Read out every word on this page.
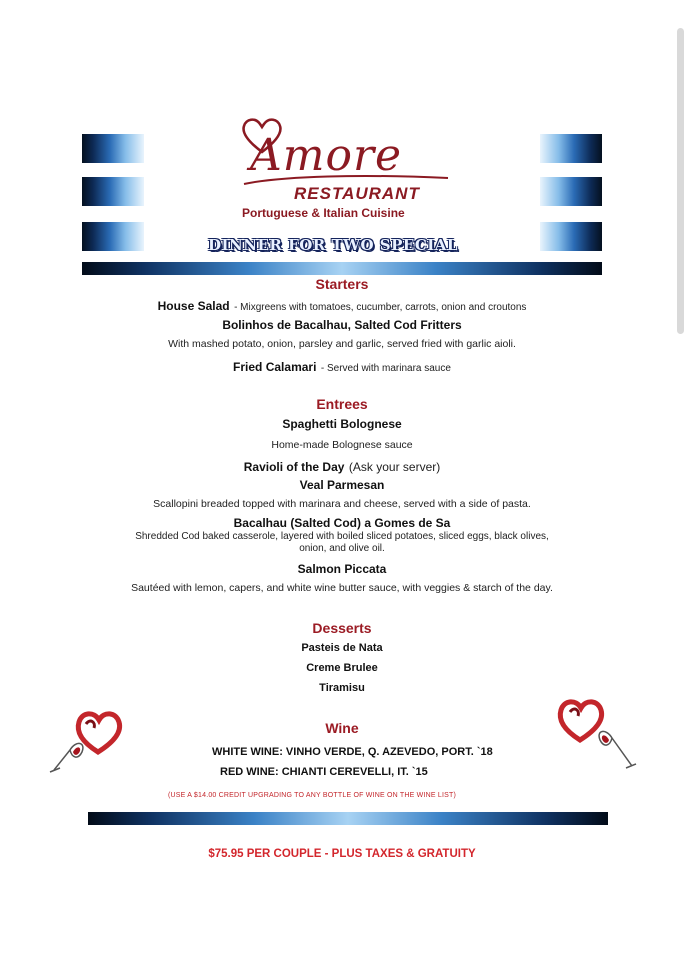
Amore
RESTAURANT
Portuguese & Italian Cuisine
DINNER FOR TWO SPECIAL
Starters
House Salad - Mixgreens with tomatoes, cucumber, carrots, onion and croutons
Bolinhos de Bacalhau, Salted Cod Fritters
With mashed potato, onion, parsley and garlic, served fried with garlic aioli.
Fried Calamari - Served with marinara sauce
Entrees
Spaghetti Bolognese
Home-made Bolognese sauce
Ravioli of the Day (Ask your server)
Veal Parmesan
Scallopini breaded topped with marinara and cheese, served with a side of pasta.
Bacalhau (Salted Cod) a Gomes de Sa
Shredded Cod baked casserole, layered with boiled sliced potatoes, sliced eggs, black olives,
onion, and olive oil.
Salmon Piccata
Sautéed with lemon, capers, and white wine butter sauce, with veggies & starch of the day.
Desserts
Pasteis de Nata
Creme Brulee
Tiramisu
Wine
WHITE WINE: VINHO VERDE, Q. AZEVEDO, PORT. `18
RED WINE: CHIANTI CEREVELLI, IT. `15
(USE A $14.00 CREDIT UPGRADING TO ANY BOTTLE OF WINE ON THE WINE LIST)
$75.95 PER COUPLE - PLUS TAXES & GRATUITY
